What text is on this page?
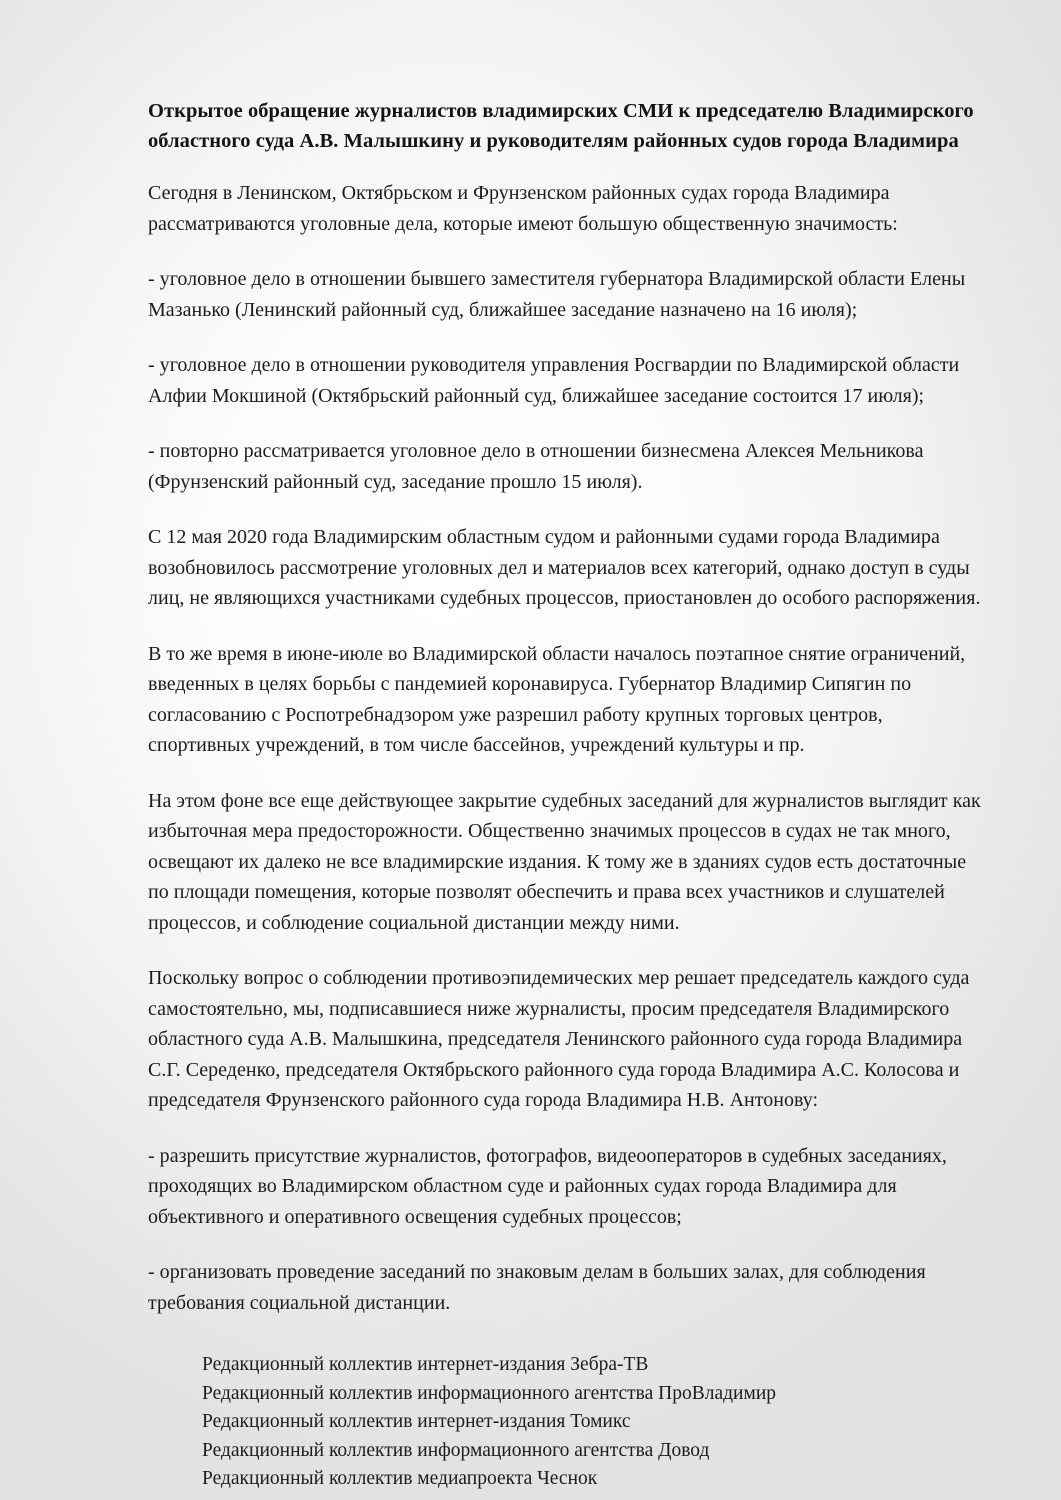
Открытое обращение журналистов владимирских СМИ к председателю Владимирского областного суда А.В. Малышкину и руководителям районных судов города Владимира

Сегодня в Ленинском, Октябрьском и Фрунзенском районных судах города Владимира рассматриваются уголовные дела, которые имеют большую общественную значимость:

- уголовное дело в отношении бывшего заместителя губернатора Владимирской области Елены Мазанько (Ленинский районный суд, ближайшее заседание назначено на 16 июля);

- уголовное дело в отношении руководителя управления Росгвардии по Владимирской области Алфии Мокшиной (Октябрьский районный суд, ближайшее заседание состоится 17 июля);

- повторно рассматривается уголовное дело в отношении бизнесмена Алексея Мельникова (Фрунзенский районный суд, заседание прошло 15 июля).

С 12 мая 2020 года Владимирским областным судом и районными судами города Владимира возобновилось рассмотрение уголовных дел и материалов всех категорий, однако доступ в суды лиц, не являющихся участниками судебных процессов, приостановлен до особого распоряжения.

В то же время в июне-июле во Владимирской области началось поэтапное снятие ограничений, введенных в целях борьбы с пандемией коронавируса. Губернатор Владимир Сипягин по согласованию с Роспотребнадзором уже разрешил работу крупных торговых центров, спортивных учреждений, в том числе бассейнов, учреждений культуры и пр.

На этом фоне все еще действующее закрытие судебных заседаний для журналистов выглядит как избыточная мера предосторожности. Общественно значимых процессов в судах не так много, освещают их далеко не все владимирские издания. К тому же в зданиях судов есть достаточные по площади помещения, которые позволят обеспечить и права всех участников и слушателей процессов, и соблюдение социальной дистанции между ними.

Поскольку вопрос о соблюдении противоэпидемических мер решает председатель каждого суда самостоятельно, мы, подписавшиеся ниже журналисты, просим председателя Владимирского областного суда А.В. Малышкина, председателя Ленинского районного суда города Владимира С.Г. Середенко, председателя Октябрьского районного суда города Владимира А.С. Колосова и председателя Фрунзенского районного суда города Владимира Н.В. Антонову:

- разрешить присутствие журналистов, фотографов, видеооператоров в судебных заседаниях, проходящих во Владимирском областном суде и районных судах города Владимира для объективного и оперативного освещения судебных процессов;

- организовать проведение заседаний по знаковым делам в больших залах, для соблюдения требования социальной дистанции.

Редакционный коллектив интернет-издания Зебра-ТВ
Редакционный коллектив информационного агентства ПроВладимир
Редакционный коллектив интернет-издания Томикс
Редакционный коллектив информационного агентства Довод
Редакционный коллектив медиапроекта Чеснок
